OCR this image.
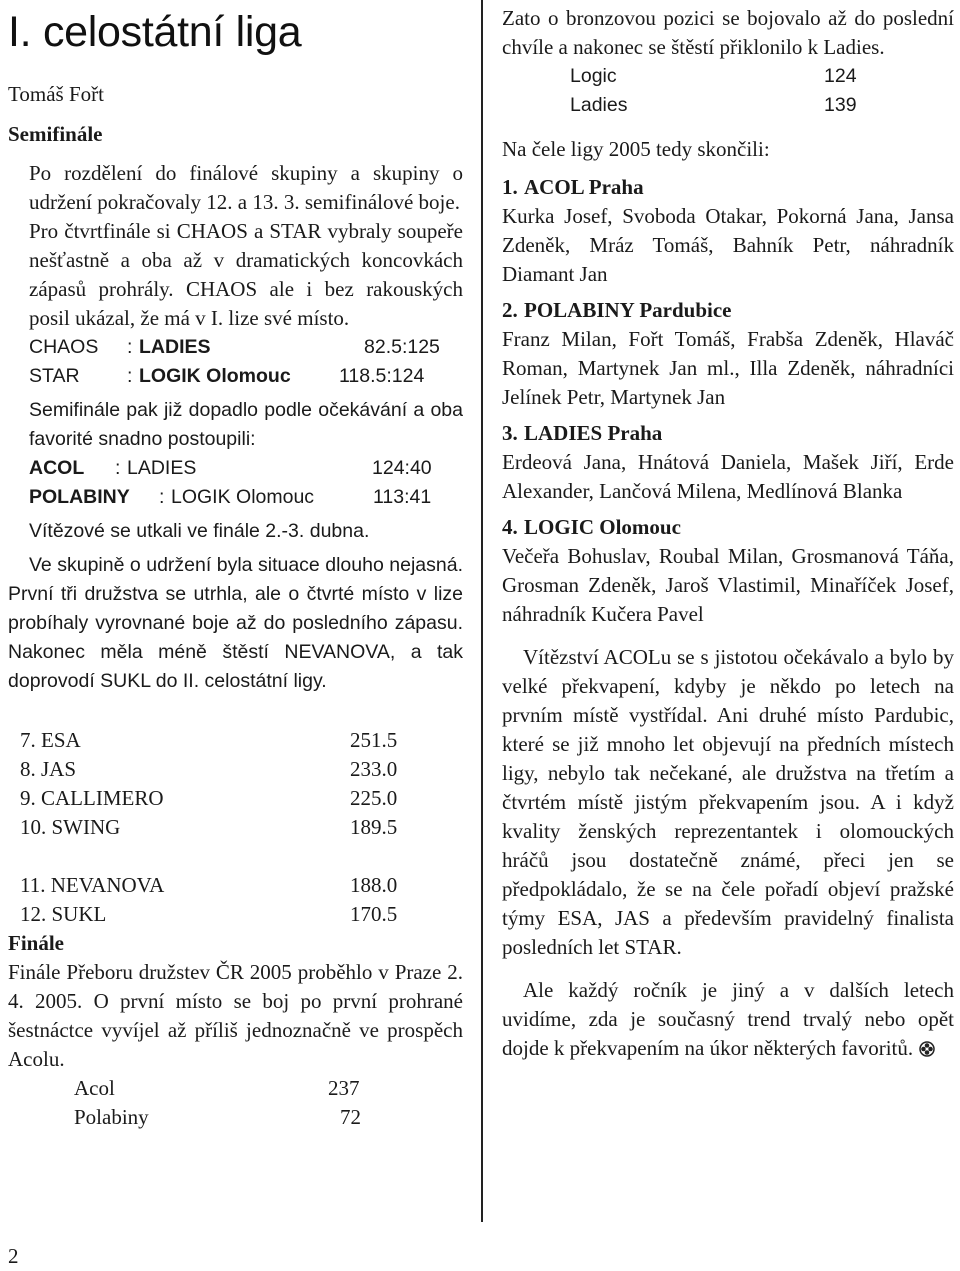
I. celostátní liga
Tomáš Fořt
Semifinále
Po rozdělení do finálové skupiny a skupiny o udržení pokračovaly 12. a 13. 3. semifinálové boje.
Pro čtvrtfinále si CHAOS a STAR vybraly soupeře nešťastně a oba až v dramatických koncovkách zápasů prohrály. CHAOS ale i bez rakouských posil ukázal, že má v I. lize své místo.
CHAOS	: LADIES	82.5:125
STAR	: LOGIK Olomouc	118.5:124
Semifinále pak již dopadlo podle očekávání a oba favorité snadno postoupili:
ACOL	: LADIES	124:40
POLABINY	: LOGIK Olomouc	113:41
Vítězové se utkali ve finále 2.-3. dubna.
Ve skupině o udržení byla situace dlouho nejasná. První tři družstva se utrhla, ale o čtvrté místo v lize probíhaly vyrovnané boje až do posledního zápasu. Nakonec měla méně štěstí NEVANOVA, a tak doprovodí SUKL do II. celostátní ligy.
7. ESA	251.5
8. JAS	233.0
9. CALLIMERO	225.0
10. SWING	189.5
11. NEVANOVA	188.0
12. SUKL	170.5
Finále
Finále Přeboru družstev ČR 2005 proběhlo v Praze 2. 4. 2005. O první místo se boj po první prohrané šestnáctce vyvíjel až příliš jednoznačně ve prospěch Acolu.
Acol	237
Polabiny	72
2
Zato o bronzovou pozici se bojovalo až do poslední chvíle a nakonec se štěstí přiklonilo k Ladies.
Logic	124
Ladies	139
Na čele ligy 2005 tedy skončili:
1. ACOL Praha
Kurka Josef, Svoboda Otakar, Pokorná Jana, Jansa Zdeněk, Mráz Tomáš, Bahník Petr, náhradník Diamant Jan
2. POLABINY Pardubice
Franz Milan, Fořt Tomáš, Frabša Zdeněk, Hlaváč Roman, Martynek Jan ml., Illa Zdeněk, náhradníci Jelínek Petr, Martynek Jan
3. LADIES Praha
Erdeová Jana, Hnátová Daniela, Mašek Jiří, Erde Alexander, Lančová Milena, Medlínová Blanka
4. LOGIC Olomouc
Večeřa Bohuslav, Roubal Milan, Grosmanová Táňa, Grosman Zdeněk, Jaroš Vlastimil, Minaříček Josef, náhradník Kučera Pavel
Vítězství ACOLu se s jistotou očekávalo a bylo by velké překvapení, kdyby je někdo po letech na prvním místě vystřídal. Ani druhé místo Pardubic, které se již mnoho let objevují na předních místech ligy, nebylo tak nečekané, ale družstva na třetím a čtvrtém místě jistým překvapením jsou. A i když kvality ženských reprezentantek i olomouckých hráčů jsou dostatečně známé, přeci jen se předpokládalo, že se na čele pořadí objeví pražské týmy ESA, JAS a především pravidelný finalista posledních let STAR.
Ale každý ročník je jiný a v dalších letech uvidíme, zda je současný trend trvalý nebo opět dojde k překvapením na úkor některých favoritů.
